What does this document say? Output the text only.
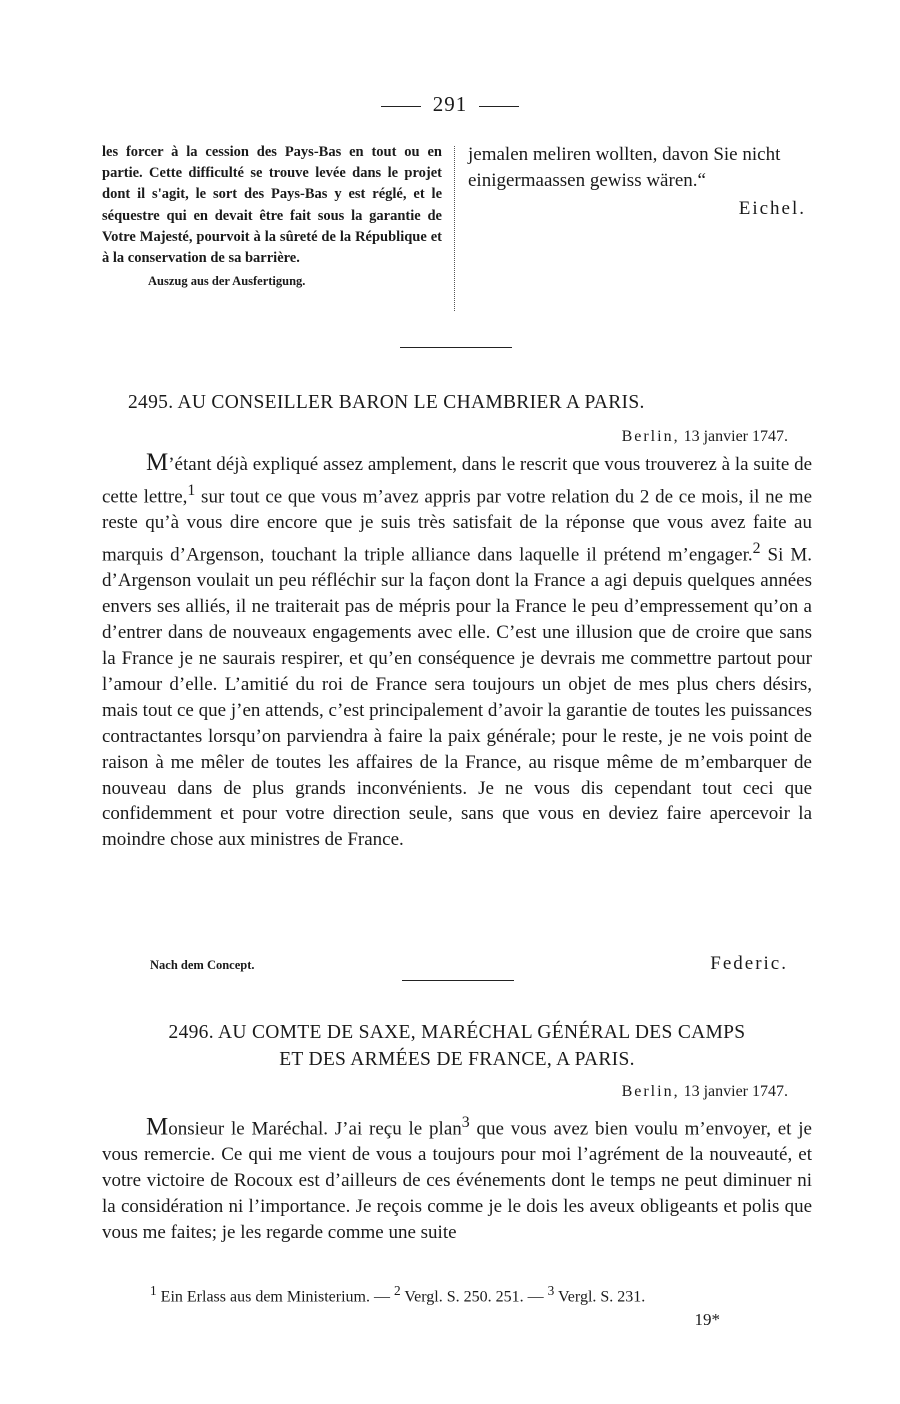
291
les forcer à la cession des Pays-Bas en tout ou en partie. Cette difficulté se trouve levée dans le projet dont il s'agit, le sort des Pays-Bas y est réglé, et le séquestre qui en devait être fait sous la garantie de Votre Majesté, pourvoit à la sûreté de la République et à la conservation de sa barrière.
Auszug aus der Ausfertigung.
jemalen meliren wollten, davon Sie nicht einigermaassen gewiss wären.“
Eichel.
2495. AU CONSEILLER BARON LE CHAMBRIER A PARIS.
Berlin, 13 janvier 1747.
M’étant déjà expliqué assez amplement, dans le rescrit que vous trouverez à la suite de cette lettre,$^1$ sur tout ce que vous m’avez appris par votre relation du 2 de ce mois, il ne me reste qu’à vous dire encore que je suis très satisfait de la réponse que vous avez faite au marquis d’Argenson, touchant la triple alliance dans laquelle il prétend m’engager.$^2$ Si M. d’Argenson voulait un peu réfléchir sur la façon dont la France a agi depuis quelques années envers ses alliés, il ne traiterait pas de mépris pour la France le peu d’empressement qu’on a d’entrer dans de nouveaux engagements avec elle. C’est une illusion que de croire que sans la France je ne saurais respirer, et qu’en conséquence je devrais me commettre partout pour l’amour d’elle. L’amitié du roi de France sera toujours un objet de mes plus chers désirs, mais tout ce que j’en attends, c’est principalement d’avoir la garantie de toutes les puissances contractantes lorsqu’on parviendra à faire la paix générale; pour le reste, je ne vois point de raison à me mêler de toutes les affaires de la France, au risque même de m’embarquer de nouveau dans de plus grands inconvénients. Je ne vous dis cependant tout ceci que confidemment et pour votre direction seule, sans que vous en deviez faire apercevoir la moindre chose aux ministres de France.
Nach dem Concept.	Federic.
2496. AU COMTE DE SAXE, MARÉCHAL GÉNÉRAL DES CAMPS
ET DES ARMÉES DE FRANCE, A PARIS.
Berlin, 13 janvier 1747.
Monsieur le Maréchal. J’ai reçu le plan$^3$ que vous avez bien voulu m’envoyer, et je vous remercie. Ce qui me vient de vous a toujours pour moi l’agrément de la nouveauté, et votre victoire de Rocoux est d’ailleurs de ces événements dont le temps ne peut diminuer ni la considération ni l’importance. Je reçois comme je le dois les aveux obligeants et polis que vous me faites; je les regarde comme une suite
$^1$ Ein Erlass aus dem Ministerium. — $^2$ Vergl. S. 250. 251. — $^3$ Vergl. S. 231.
19*
